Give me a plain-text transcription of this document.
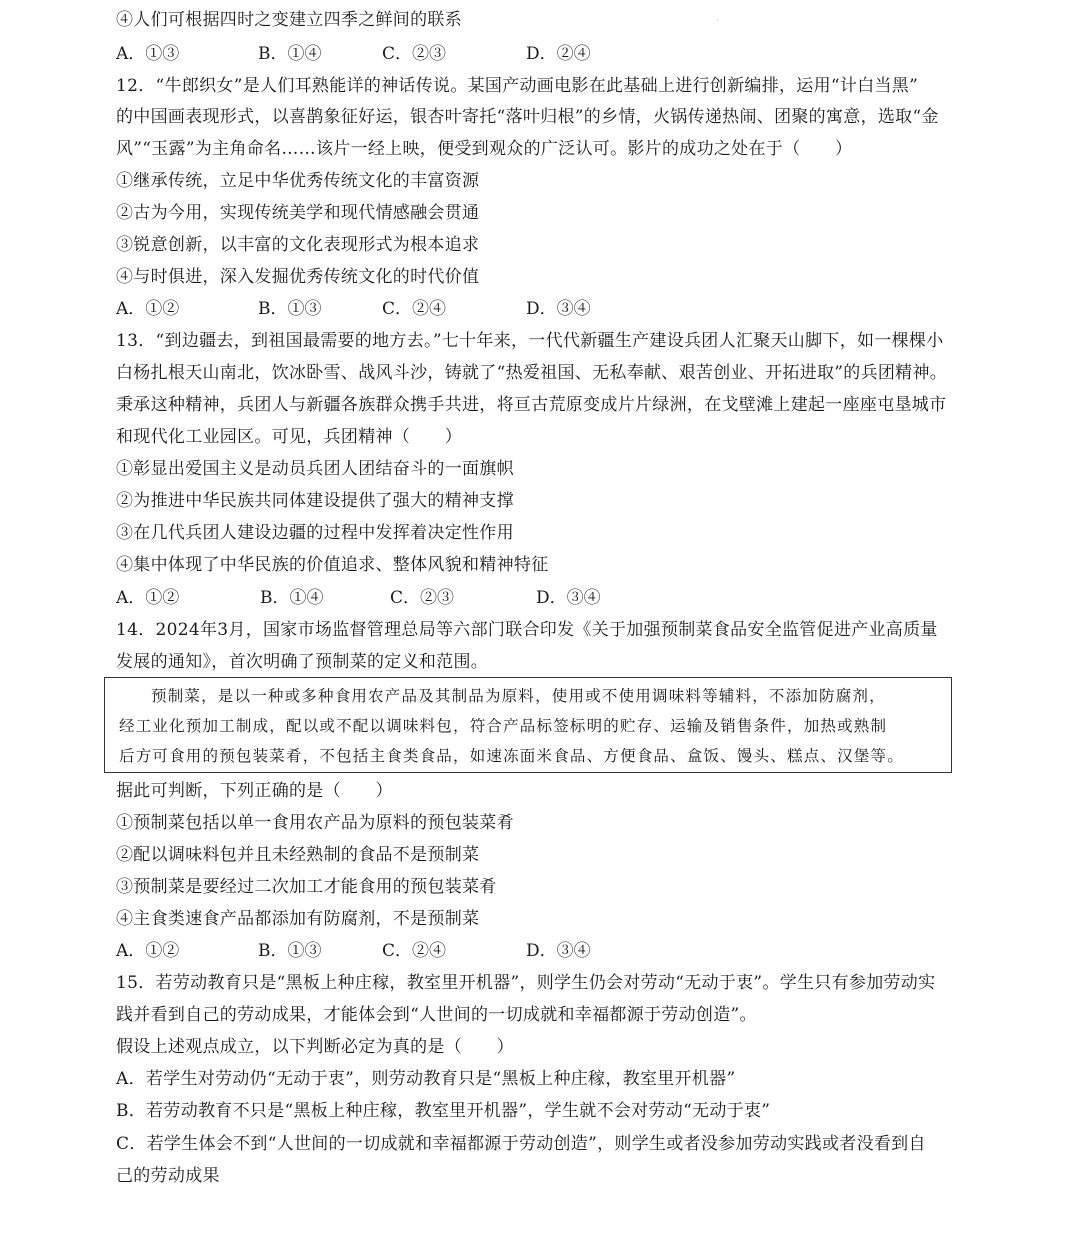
·
④人们可根据四时之变建立四季之鲜间的联系
A．①③	B．①④	C．②③	D．②④
12．“牛郎织女”是人们耳熟能详的神话传说。某国产动画电影在此基础上进行创新编排，运用“计白当黑”
的中国画表现形式，以喜鹊象征好运，银杏叶寄托“落叶归根”的乡情，火锅传递热闹、团聚的寓意，选取“金
风”“玉露”为主角命名……该片一经上映，便受到观众的广泛认可。影片的成功之处在于（　　）
①继承传统，立足中华优秀传统文化的丰富资源
②古为今用，实现传统美学和现代情感融会贯通
③锐意创新，以丰富的文化表现形式为根本追求
④与时俱进，深入发掘优秀传统文化的时代价值
A．①②	B．①③	C．②④	D．③④
13．“到边疆去，到祖国最需要的地方去。”七十年来，一代代新疆生产建设兵团人汇聚天山脚下，如一棵棵小
白杨扎根天山南北，饮冰卧雪、战风斗沙，铸就了“热爱祖国、无私奉献、艰苦创业、开拓进取”的兵团精神。
秉承这种精神，兵团人与新疆各族群众携手共进，将亘古荒原变成片片绿洲，在戈壁滩上建起一座座屯垦城市
和现代化工业园区。可见，兵团精神（　　）
①彰显出爱国主义是动员兵团人团结奋斗的一面旗帜
②为推进中华民族共同体建设提供了强大的精神支撑
③在几代兵团人建设边疆的过程中发挥着决定性作用
④集中体现了中华民族的价值追求、整体风貌和精神特征
A．①②	B．①④	C．②③	D．③④
14．2024年3月，国家市场监督管理总局等六部门联合印发《关于加强预制菜食品安全监管促进产业高质量
发展的通知》，首次明确了预制菜的定义和范围。
预制菜，是以一种或多种食用农产品及其制品为原料，使用或不使用调味料等辅料，不添加防腐剂，
经工业化预加工制成，配以或不配以调味料包，符合产品标签标明的贮存、运输及销售条件，加热或熟制
后方可食用的预包装菜肴，不包括主食类食品，如速冻面米食品、方便食品、盒饭、馒头、糕点、汉堡等。
据此可判断，下列正确的是（　　）
①预制菜包括以单一食用农产品为原料的预包装菜肴
②配以调味料包并且未经熟制的食品不是预制菜
③预制菜是要经过二次加工才能食用的预包装菜肴
④主食类速食产品都添加有防腐剂，不是预制菜
A．①②	B．①③	C．②④	D．③④
15．若劳动教育只是“黑板上种庄稼，教室里开机器”，则学生仍会对劳动“无动于衷”。学生只有参加劳动实
践并看到自己的劳动成果，才能体会到“人世间的一切成就和幸福都源于劳动创造”。
假设上述观点成立，以下判断必定为真的是（　　）
A．若学生对劳动仍“无动于衷”，则劳动教育只是“黑板上种庄稼，教室里开机器”
B．若劳动教育不只是“黑板上种庄稼，教室里开机器”，学生就不会对劳动“无动于衷”
C．若学生体会不到“人世间的一切成就和幸福都源于劳动创造”，则学生或者没参加劳动实践或者没看到自
己的劳动成果
